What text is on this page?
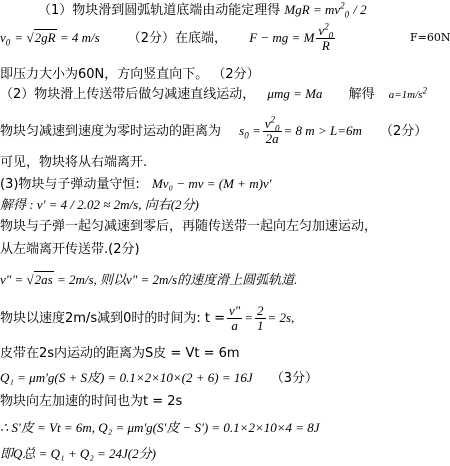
（1）物块滑到圆弧轨道底端由动能定理得 MgR = $mv^2_0 / 2$
$v_0 = √2gR = 4$ m/s （2分）在底端， F − mg = M $\frac{v^2_0}{R}$	F=60N
即压力大小为60N，方向竖直向下。 （2分）
（2）物块滑上传送带后做匀减速直线运动， μmg = Ma 解得 $a=1m/s^2$
物块匀减速到速度为零时运动的距离为 $s_0 = \frac{v^2_0}{2a} = 8$ m > L=6m （2分）
可见，物块将从右端离开.
(3)物块与子弹动量守恒: Mv₀ − mv = (M + m)v'
解得 : v' = 4 / 2.02 ≈ 2m/s, 向右(2分)
物块与子弹一起匀减速到零后，再随传送带一起向左匀加速运动，
从左端离开传送带.(2分)
v" = √2as = 2m/s, 则以v" = 2m/s的速度滑上圆弧轨道.
物块以速度2m/s减到0时的时间为: $t = \frac{v"}{a} = \frac{2}{1} = 2s$,
皮带在2s内运动的距离为S皮 = Vt = 6m
Q₁ = μm'g(S + S皮) = 0.1×2×10×(2 + 6) = 16J （3分）
物块向左加速的时间也为t = 2s
∴ S'皮 = Vt = 6m, Q₂ = μm'g(S'皮 − S') = 0.1×2×10×4 = 8J
即Q总 = Q₁ + Q₂ = 24J(2分)
